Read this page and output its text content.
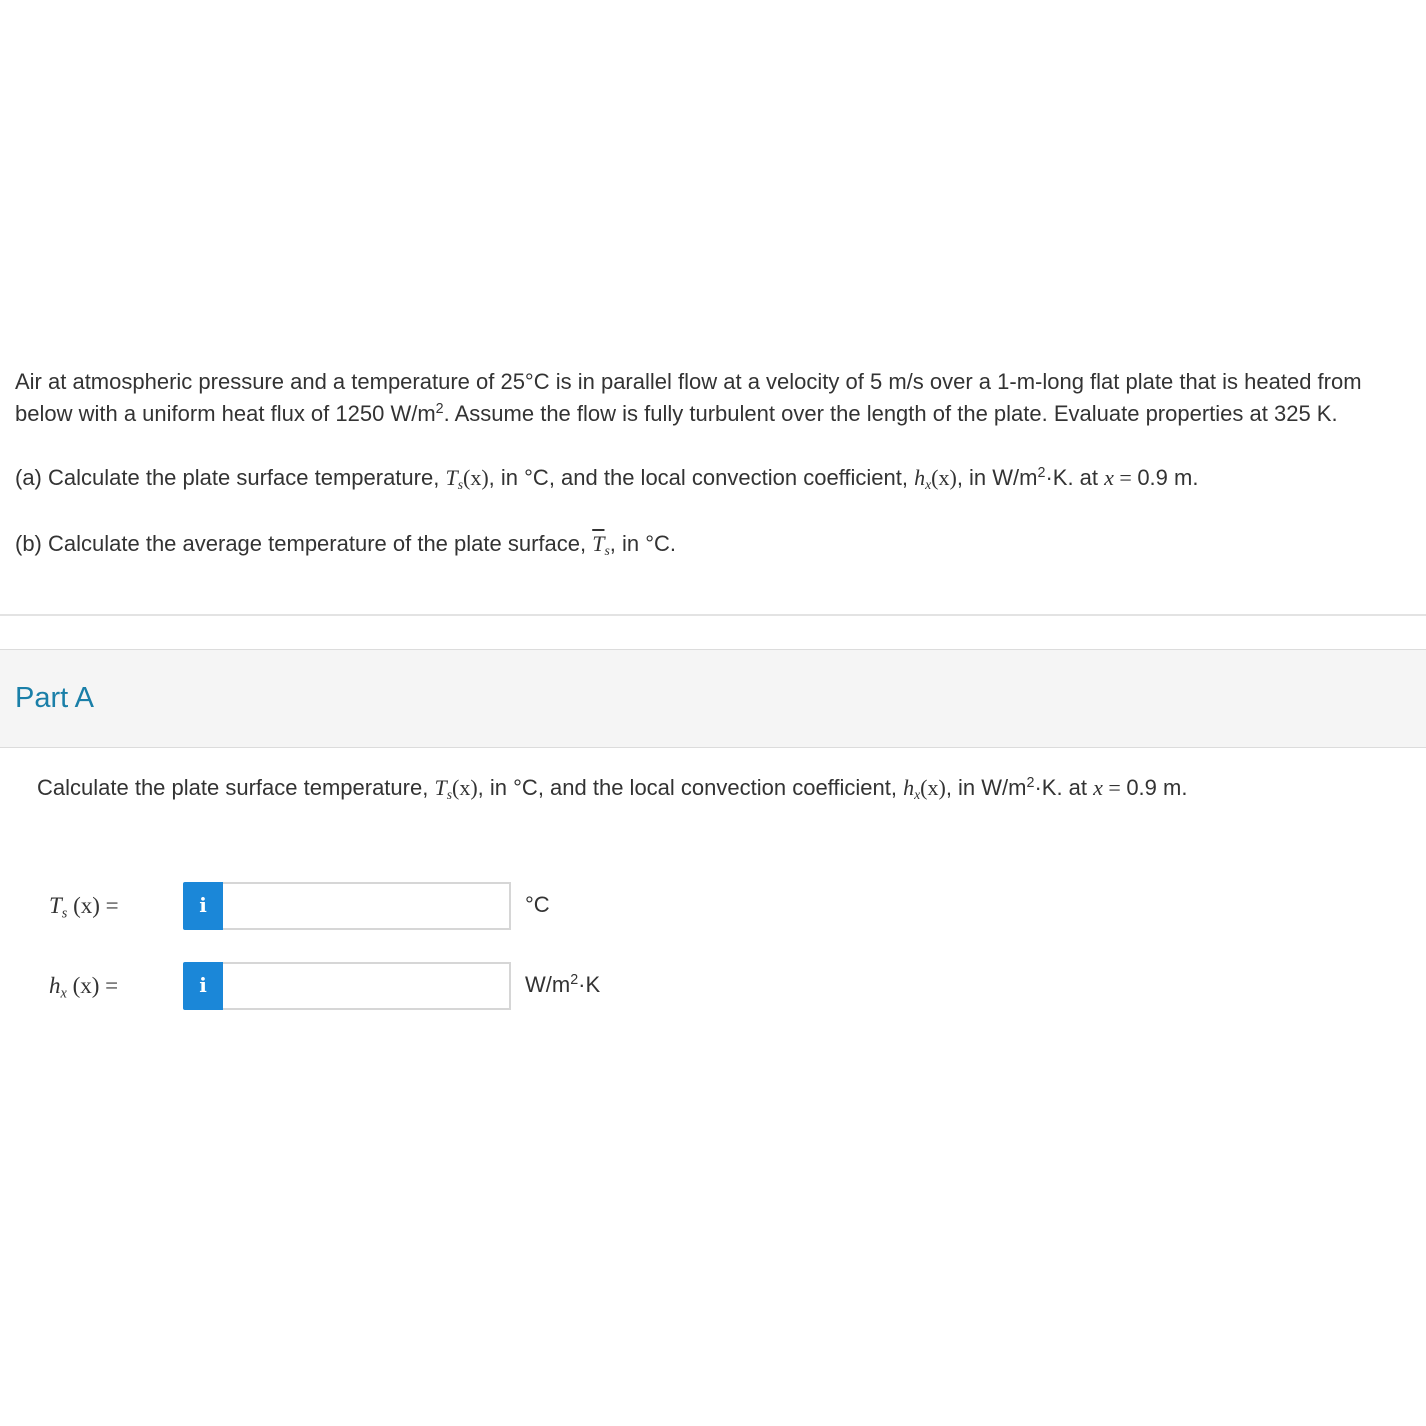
Air at atmospheric pressure and a temperature of 25°C is in parallel flow at a velocity of 5 m/s over a 1-m-long flat plate that is heated from below with a uniform heat flux of 1250 $W/m^2$. Assume the flow is fully turbulent over the length of the plate. Evaluate properties at 325 K.

(a) Calculate the plate surface temperature, $T_s(x)$, in °C, and the local convection coefficient, $h_x(x)$, in $W/m^2\cdot K$. at x = 0.9 m.

(b) Calculate the average temperature of the plate surface, $\overline{T}_s$, in °C.

Part A
Calculate the plate surface temperature, $T_s(x)$, in °C, and the local convection coefficient, $h_x(x)$, in $W/m^2\cdot K$. at x = 0.9 m.
$T_s$ (x) =	i	°C
$h_x$ (x) =	i	$W/m^2\cdot K$
